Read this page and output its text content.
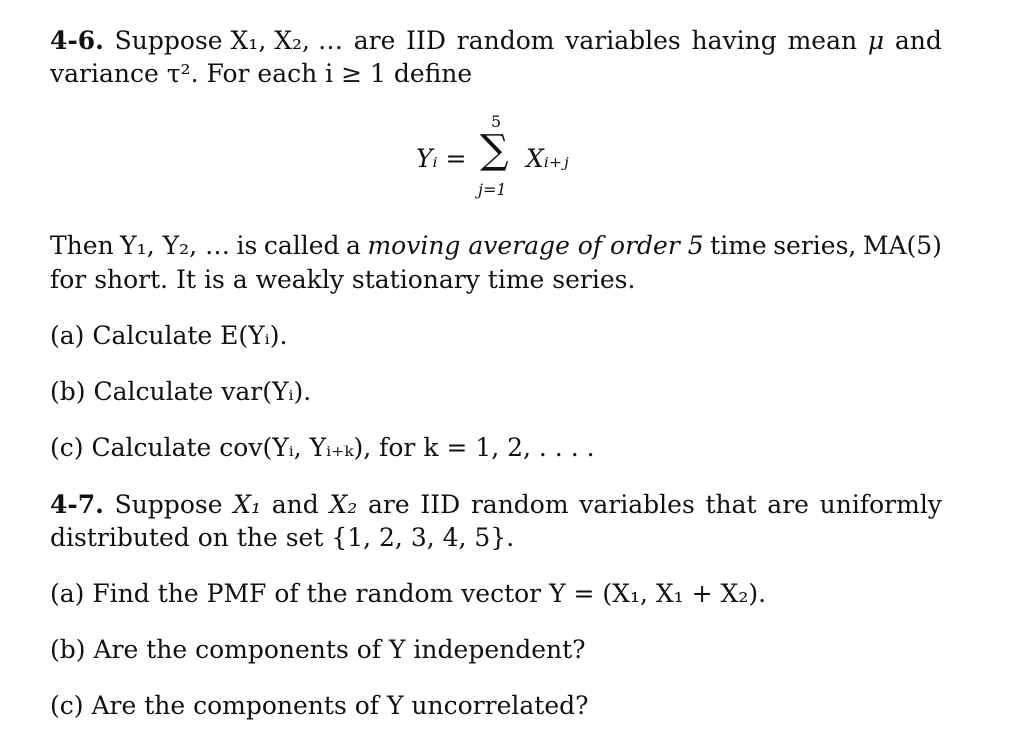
4-6. Suppose X₁, X₂, … are IID random variables having mean μ and
variance τ². For each i ≥ 1 define
Yᵢ =
5
∑
j=1
Xᵢ₊ⱼ
Then Y₁, Y₂, … is called a moving average of order 5 time series, MA(5)
for short. It is a weakly stationary time series.
(a) Calculate E(Yᵢ).
(b) Calculate var(Yᵢ).
(c) Calculate cov(Yᵢ, Yᵢ₊ₖ), for k = 1, 2, . . . .
4-7. Suppose X₁ and X₂ are IID random variables that are uniformly
distributed on the set {1, 2, 3, 4, 5}.
(a) Find the PMF of the random vector Y = (X₁, X₁ + X₂).
(b) Are the components of Y independent?
(c) Are the components of Y uncorrelated?
